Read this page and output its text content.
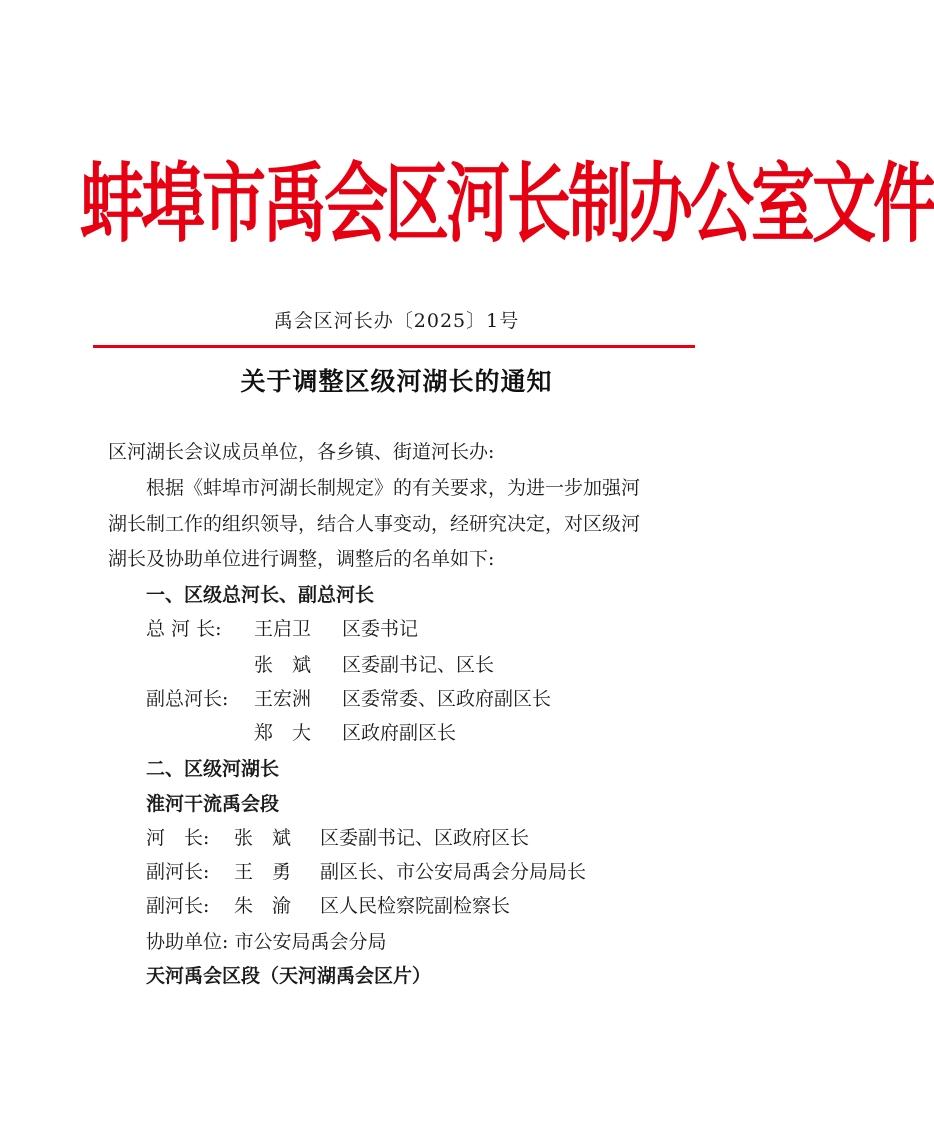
蚌埠市禹会区河长制办公室文件
禹会区河长办〔2025〕1号
关于调整区级河湖长的通知
区河湖长会议成员单位，各乡镇、街道河长办:
根据《蚌埠市河湖长制规定》的有关要求，为进一步加强河
湖长制工作的组织领导，结合人事变动，经研究决定，对区级河
湖长及协助单位进行调整，调整后的名单如下:
一、区级总河长、副总河长
总 河 长: 王启卫 区委书记
张　斌 区委副书记、区长
副总河长: 王宏洲 区委常委、区政府副区长
郑　大 区政府副区长
二、区级河湖长
淮河干流禹会段
河　长: 张　斌 区委副书记、区政府区长
副河长: 王　勇 副区长、市公安局禹会分局局长
副河长: 朱　渝 区人民检察院副检察长
协助单位: 市公安局禹会分局
天河禹会区段（天河湖禹会区片）
